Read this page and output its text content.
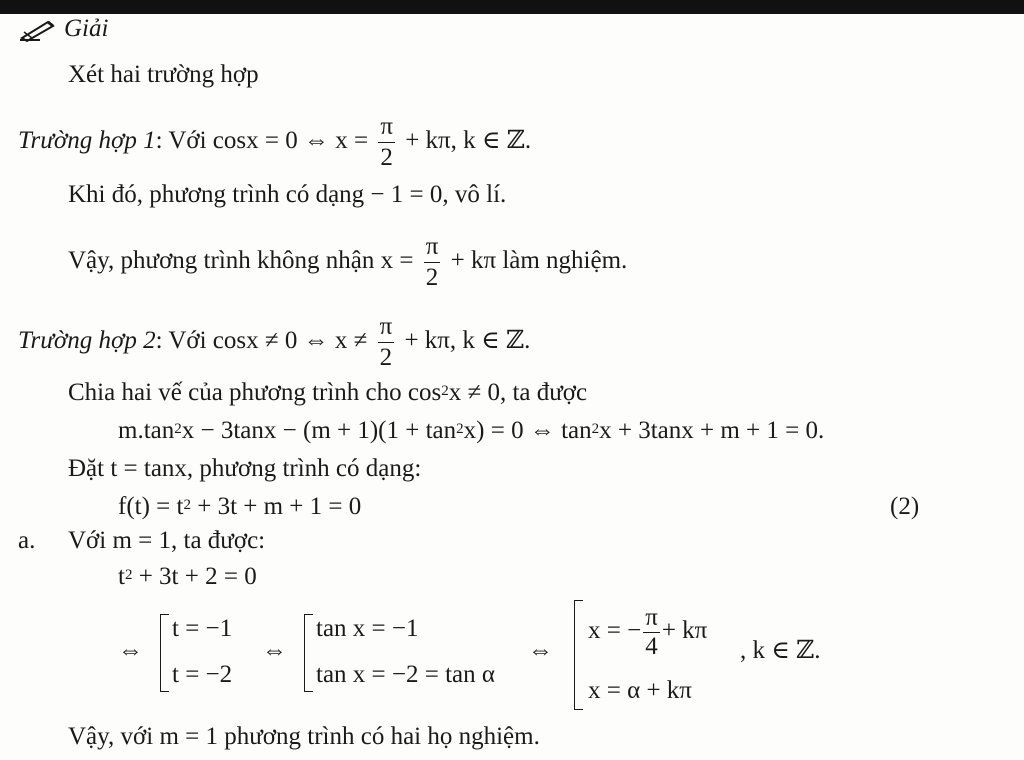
Giải
Xét hai trường hợp
Trường hợp 1: Với cosx = 0 ⇔ $x = \frac{\pi}{2} + k\pi$, k ∈ ℤ.
Khi đó, phương trình có dạng − 1 = 0, vô lí.
Vậy, phương trình không nhận $x = \frac{\pi}{2} + k\pi$ làm nghiệm.
Trường hợp 2: Với cosx ≠ 0 ⇔ $x \ne \frac{\pi}{2} + k\pi$, k ∈ ℤ.
Chia hai vế của phương trình cho $\cos^2x \ne 0$, ta được
$m.\tan^2x - 3\tan x - (m + 1)(1 + \tan^2x) = 0$ ⇔ $\tan^2x + 3\tan x + m + 1 = 0$.
Đặt t = tanx, phương trình có dạng:
$f(t) = t^2 + 3t + m + 1 = 0$	(2)
a. Với m = 1, ta được:
$t^2 + 3t + 2 = 0$
⇔
t = −1
t = −2
⇔
tan x = −1
tan x = −2 = tan α
⇔
x = − $\frac{\pi}{4} + k\pi$
x = α + kπ
, k ∈ ℤ.
Vậy, với m = 1 phương trình có hai họ nghiệm.
